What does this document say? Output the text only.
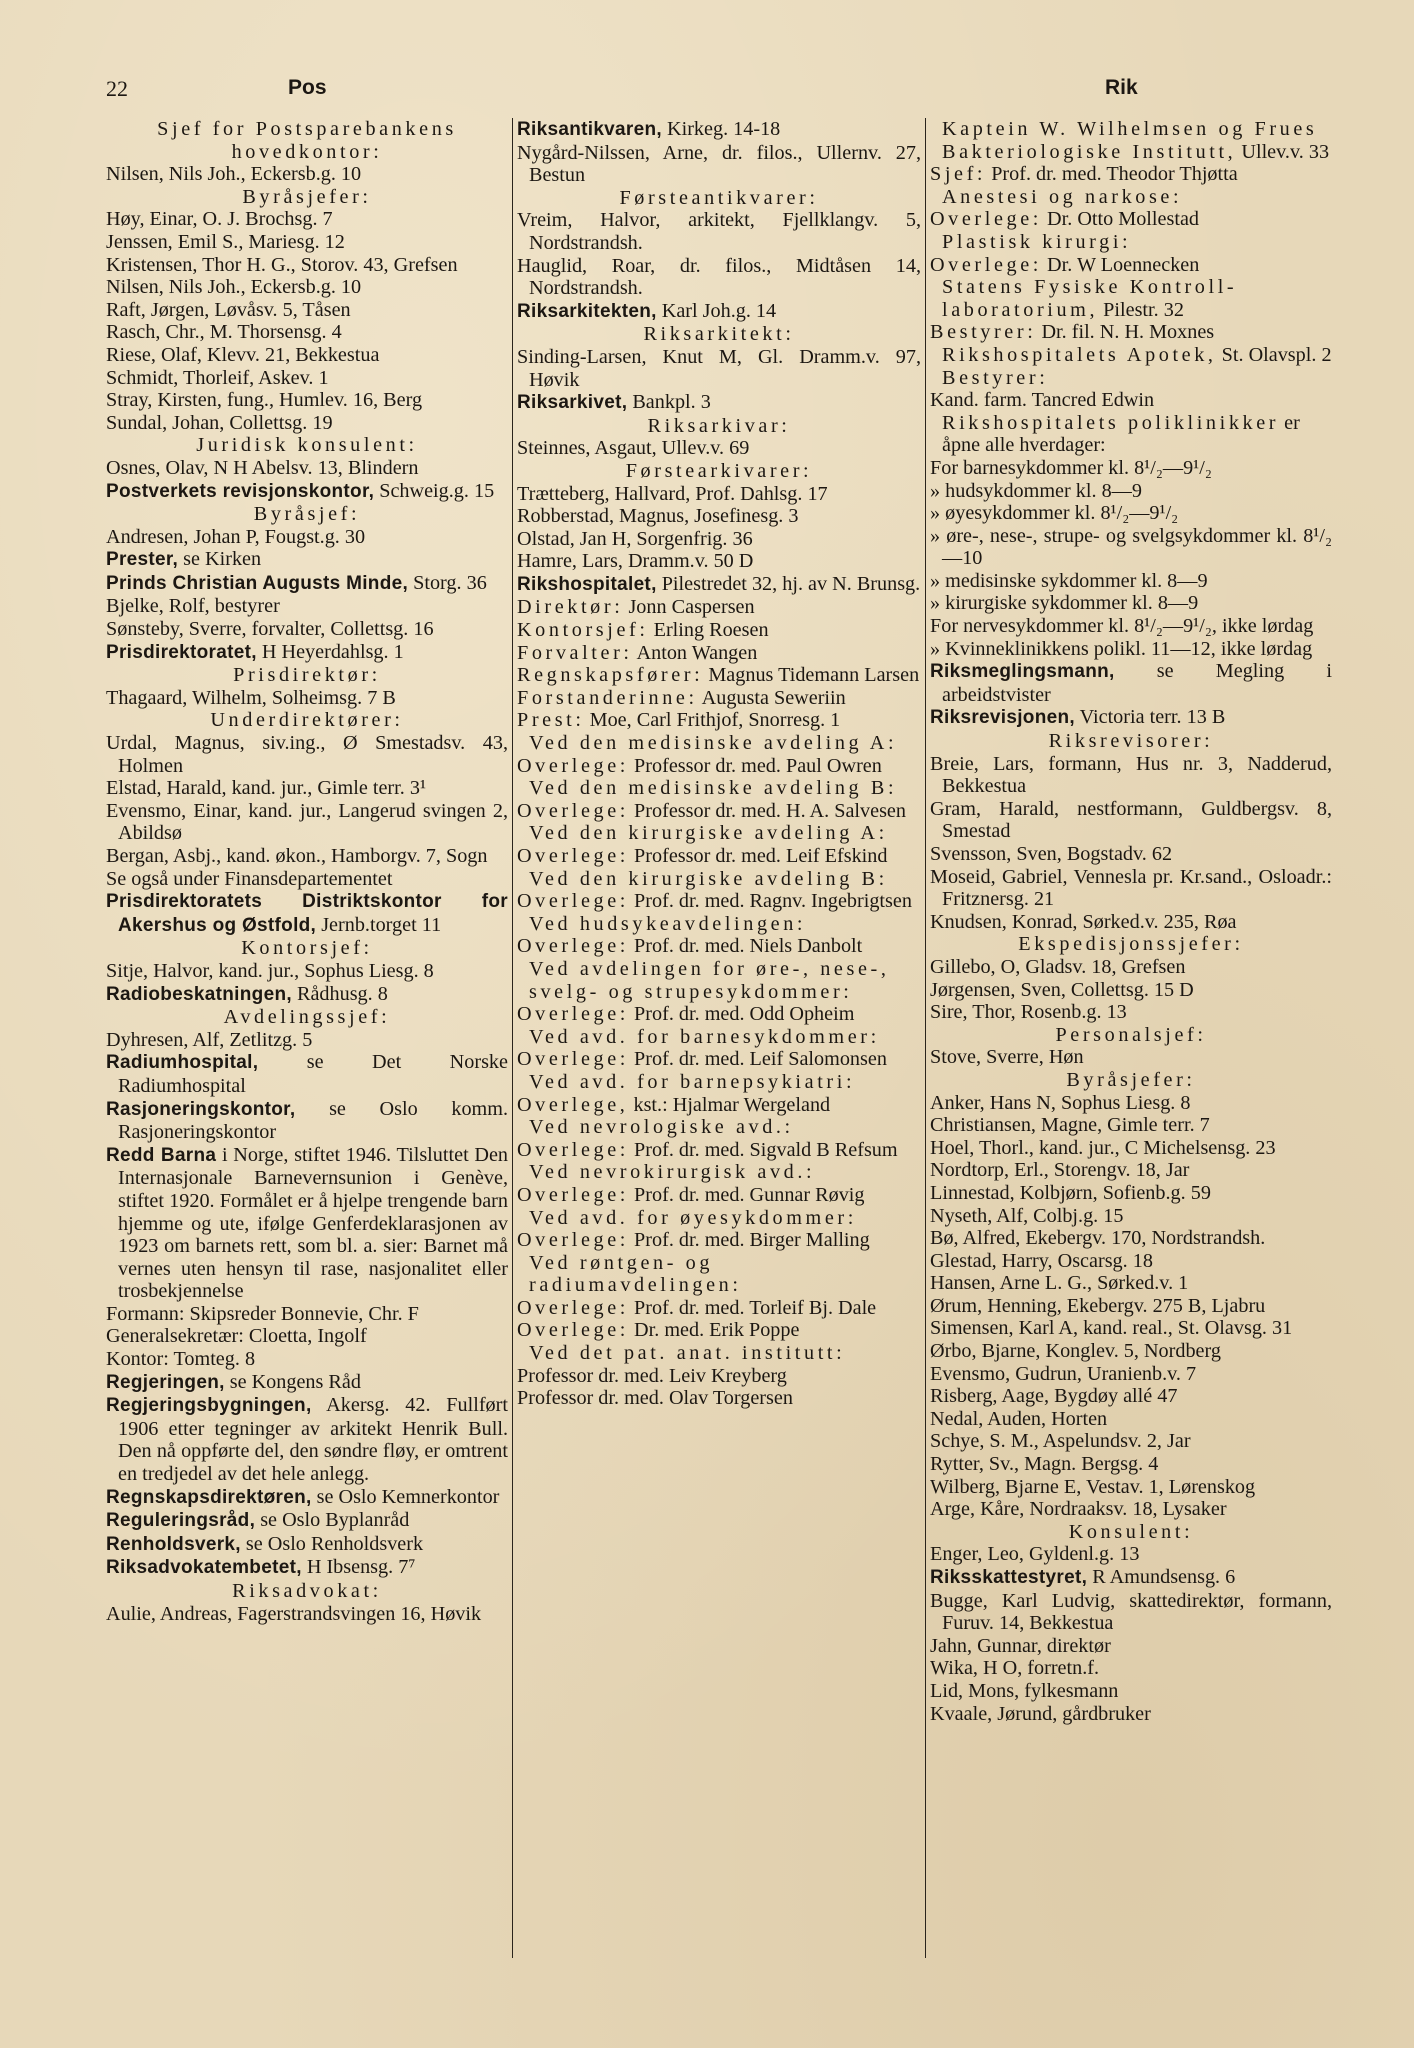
22	Pos	Rik

Sjef for Postsparebankens hovedkontor:

Nilsen, Nils Joh., Eckersb.g. 10

Byråsjefer:

Høy, Einar, O. J. Brochsg. 7

Jenssen, Emil S., Mariesg. 12

Kristensen, Thor H. G., Storov. 43, Grefsen

Nilsen, Nils Joh., Eckersb.g. 10

Raft, Jørgen, Løvåsv. 5, Tåsen

Rasch, Chr., M. Thorsensg. 4

Riese, Olaf, Klevv. 21, Bekkestua

Schmidt, Thorleif, Askev. 1

Stray, Kirsten, fung., Humlev. 16, Berg

Sundal, Johan, Collettsg. 19

Juridisk konsulent:

Osnes, Olav, N H Abelsv. 13, Blindern

Postverkets revisjonskontor, Schweig.g. 15

Byråsjef:

Andresen, Johan P, Fougst.g. 30

Prester, se Kirken

Prinds Christian Augusts Minde, Storg. 36

Bjelke, Rolf, bestyrer

Sønsteby, Sverre, forvalter, Collettsg. 16

Prisdirektoratet, H Heyerdahlsg. 1

Prisdirektør:

Thagaard, Wilhelm, Solheimsg. 7 B

Underdirektører:

Urdal, Magnus, siv.ing., Ø Smestadsv. 43, Holmen

Elstad, Harald, kand. jur., Gimle terr. 3¹

Evensmo, Einar, kand. jur., Langerud svingen 2, Abildsø

Bergan, Asbj., kand. økon., Hamborgv. 7, Sogn

Se også under Finansdepartementet

Prisdirektoratets Distriktskontor for Akershus og Østfold, Jernb.torget 11

Kontorsjef:

Sitje, Halvor, kand. jur., Sophus Liesg. 8

Radiobeskatningen, Rådhusg. 8

Avdelingssjef:

Dyhresen, Alf, Zetlitzg. 5

Radiumhospital, se Det Norske Radiumhospital

Rasjoneringskontor, se Oslo komm. Rasjoneringskontor

Redd Barna i Norge, stiftet 1946. Tilsluttet Den Internasjonale Barnevernsunion i Genève, stiftet 1920. Formålet er å hjelpe trengende barn hjemme og ute, ifølge Genferdeklarasjonen av 1923 om barnets rett, som bl. a. sier: Barnet må vernes uten hensyn til rase, nasjonalitet eller trosbekjennelse

Formann: Skipsreder Bonnevie, Chr. F

Generalsekretær: Cloetta, Ingolf

Kontor: Tomteg. 8

Regjeringen, se Kongens Råd

Regjeringsbygningen, Akersg. 42. Fullført 1906 etter tegninger av arkitekt Henrik Bull. Den nå oppførte del, den søndre fløy, er omtrent en tredjedel av det hele anlegg.

Regnskapsdirektøren, se Oslo Kemnerkontor

Reguleringsråd, se Oslo Byplanråd

Renholdsverk, se Oslo Renholdsverk

Riksadvokatembetet, H Ibsensg. 7⁷

Riksadvokat:

Aulie, Andreas, Fagerstrandsvingen 16, Høvik

Riksantikvaren, Kirkeg. 14-18

Nygård-Nilssen, Arne, dr. filos., Ullernv. 27, Bestun

Førsteantikvarer:

Vreim, Halvor, arkitekt, Fjellklangv. 5, Nordstrandsh.

Hauglid, Roar, dr. filos., Midtåsen 14, Nordstrandsh.

Riksarkitekten, Karl Joh.g. 14

Riksarkitekt:

Sinding-Larsen, Knut M, Gl. Dramm.v. 97, Høvik

Riksarkivet, Bankpl. 3

Riksarkivar:

Steinnes, Asgaut, Ullev.v. 69

Førstearkivarer:

Trætteberg, Hallvard, Prof. Dahlsg. 17

Robberstad, Magnus, Josefinesg. 3

Olstad, Jan H, Sorgenfrig. 36

Hamre, Lars, Dramm.v. 50 D

Rikshospitalet, Pilestredet 32, hj. av N. Brunsg.

Direktør: Jonn Caspersen

Kontorsjef: Erling Roesen

Forvalter: Anton Wangen

Regnskapsfører: Magnus Tidemann Larsen

Forstanderinne: Augusta Seweriin

Prest: Moe, Carl Frithjof, Snorresg. 1

Ved den medisinske avdeling A:

Overlege: Professor dr. med. Paul Owren

Ved den medisinske avdeling B:

Overlege: Professor dr. med. H. A. Salvesen

Ved den kirurgiske avdeling A:

Overlege: Professor dr. med. Leif Efskind

Ved den kirurgiske avdeling B:

Overlege: Prof. dr. med. Ragnv. Ingebrigtsen

Ved hudsykeavdelingen:

Overlege: Prof. dr. med. Niels Danbolt

Ved avdelingen for øre-, nese-, svelg- og strupesykdommer:

Overlege: Prof. dr. med. Odd Opheim

Ved avd. for barnesykdommer:

Overlege: Prof. dr. med. Leif Salomonsen

Ved avd. for barnepsykiatri:

Overlege, kst.: Hjalmar Wergeland

Ved nevrologiske avd.:

Overlege: Prof. dr. med. Sigvald B Refsum

Ved nevrokirurgisk avd.:

Overlege: Prof. dr. med. Gunnar Røvig

Ved avd. for øyesykdommer:

Overlege: Prof. dr. med. Birger Malling

Ved røntgen- og radiumavdelingen:

Overlege: Prof. dr. med. Torleif Bj. Dale

Overlege: Dr. med. Erik Poppe

Ved det pat. anat. institutt:

Professor dr. med. Leiv Kreyberg

Professor dr. med. Olav Torgersen

Kaptein W. Wilhelmsen og Frues Bakteriologiske Institutt, Ullev.v. 33

Sjef: Prof. dr. med. Theodor Thjøtta

Anestesi og narkose:

Overlege: Dr. Otto Mollestad

Plastisk kirurgi:

Overlege: Dr. W Loennecken

Statens Fysiske Kontroll-laboratorium, Pilestr. 32

Bestyrer: Dr. fil. N. H. Moxnes

Rikshospitalets Apotek, St. Olavspl. 2

Bestyrer:

Kand. farm. Tancred Edwin

Rikshospitalets poliklinikker er åpne alle hverdager:

For barnesykdommer kl. 8¹/₂—9¹/₂

» hudsykdommer kl. 8—9

» øyesykdommer kl. 8¹/₂—9¹/₂

» øre-, nese-, strupe- og svelgsykdommer kl. 8¹/₂—10

» medisinske sykdommer kl. 8—9

» kirurgiske sykdommer kl. 8—9

For nervesykdommer kl. 8¹/₂—9¹/₂, ikke lørdag

» Kvinneklinikkens polikl. 11—12, ikke lørdag

Riksmeglingsmann, se Megling i arbeidstvister

Riksrevisjonen, Victoria terr. 13 B

Riksrevisorer:

Breie, Lars, formann, Hus nr. 3, Nadderud, Bekkestua

Gram, Harald, nestformann, Guldbergsv. 8, Smestad

Svensson, Sven, Bogstadv. 62

Moseid, Gabriel, Vennesla pr. Kr.sand., Osloadr.: Fritznersg. 21

Knudsen, Konrad, Sørked.v. 235, Røa

Ekspedisjonssjefer:

Gillebo, O, Gladsv. 18, Grefsen

Jørgensen, Sven, Collettsg. 15 D

Sire, Thor, Rosenb.g. 13

Personalsjef:

Stove, Sverre, Høn

Byråsjefer:

Anker, Hans N, Sophus Liesg. 8

Christiansen, Magne, Gimle terr. 7

Hoel, Thorl., kand. jur., C Michelsensg. 23

Nordtorp, Erl., Storengv. 18, Jar

Linnestad, Kolbjørn, Sofienb.g. 59

Nyseth, Alf, Colbj.g. 15

Bø, Alfred, Ekebergv. 170, Nordstrandsh.

Glestad, Harry, Oscarsg. 18

Hansen, Arne L. G., Sørked.v. 1

Ørum, Henning, Ekebergv. 275 B, Ljabru

Simensen, Karl A, kand. real., St. Olavsg. 31

Ørbo, Bjarne, Konglev. 5, Nordberg

Evensmo, Gudrun, Uranienb.v. 7

Risberg, Aage, Bygdøy allé 47

Nedal, Auden, Horten

Schye, S. M., Aspelundsv. 2, Jar

Rytter, Sv., Magn. Bergsg. 4

Wilberg, Bjarne E, Vestav. 1, Lørenskog

Arge, Kåre, Nordraaksv. 18, Lysaker

Konsulent:

Enger, Leo, Gyldenl.g. 13

Riksskattestyret, R Amundsensg. 6

Bugge, Karl Ludvig, skattedirektør, formann, Furuv. 14, Bekkestua

Jahn, Gunnar, direktør

Wika, H O, forretn.f.

Lid, Mons, fylkesmann

Kvaale, Jørund, gårdbruker
